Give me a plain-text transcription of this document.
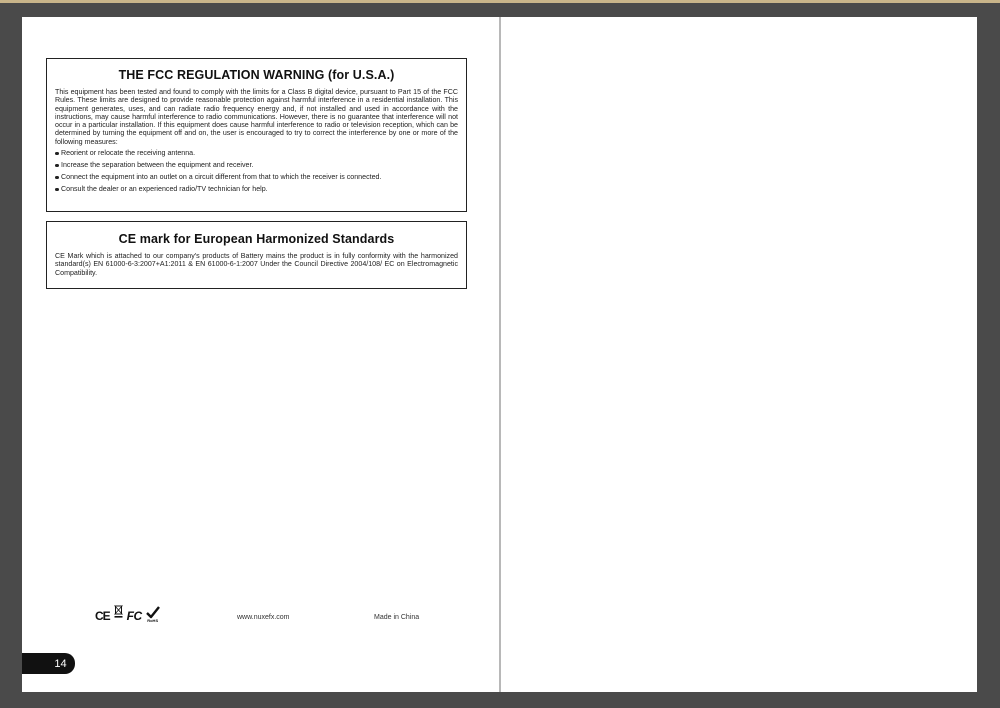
THE FCC REGULATION WARNING (for U.S.A.)
This equipment has been tested and found to comply with the limits for a Class B digital device, pursuant to Part 15 of the FCC Rules. These limits are designed to provide reasonable protection against harmful interference in a residential installation. This equipment generates, uses, and can radiate radio frequency energy and, if not installed and used in accordance with the instructions, may cause harmful interference to radio communications. However, there is no guarantee that interference will not occur in a particular installation. If this equipment does cause harmful interference to radio or television reception, which can be determined by turning the equipment off and on, the user is encouraged to try to correct the interference by one or more of the following measures:
Reorient or relocate the receiving antenna.
Increase the separation between the equipment and receiver.
Connect the equipment into an outlet on a circuit different from that to which the receiver is connected.
Consult the dealer or an experienced radio/TV technician for help.
CE mark for European Harmonized Standards
CE Mark which is attached to our company's products of Battery mains the product is in fully conformity with the harmonized standard(s) EN 61000-6-3:2007+A1:2011 & EN 61000-6-1:2007 Under the Council Directive 2004/108/ EC on Electromagnetic Compatibility.
CE FC RoHS	www.nuxefx.com	Made in China
14
